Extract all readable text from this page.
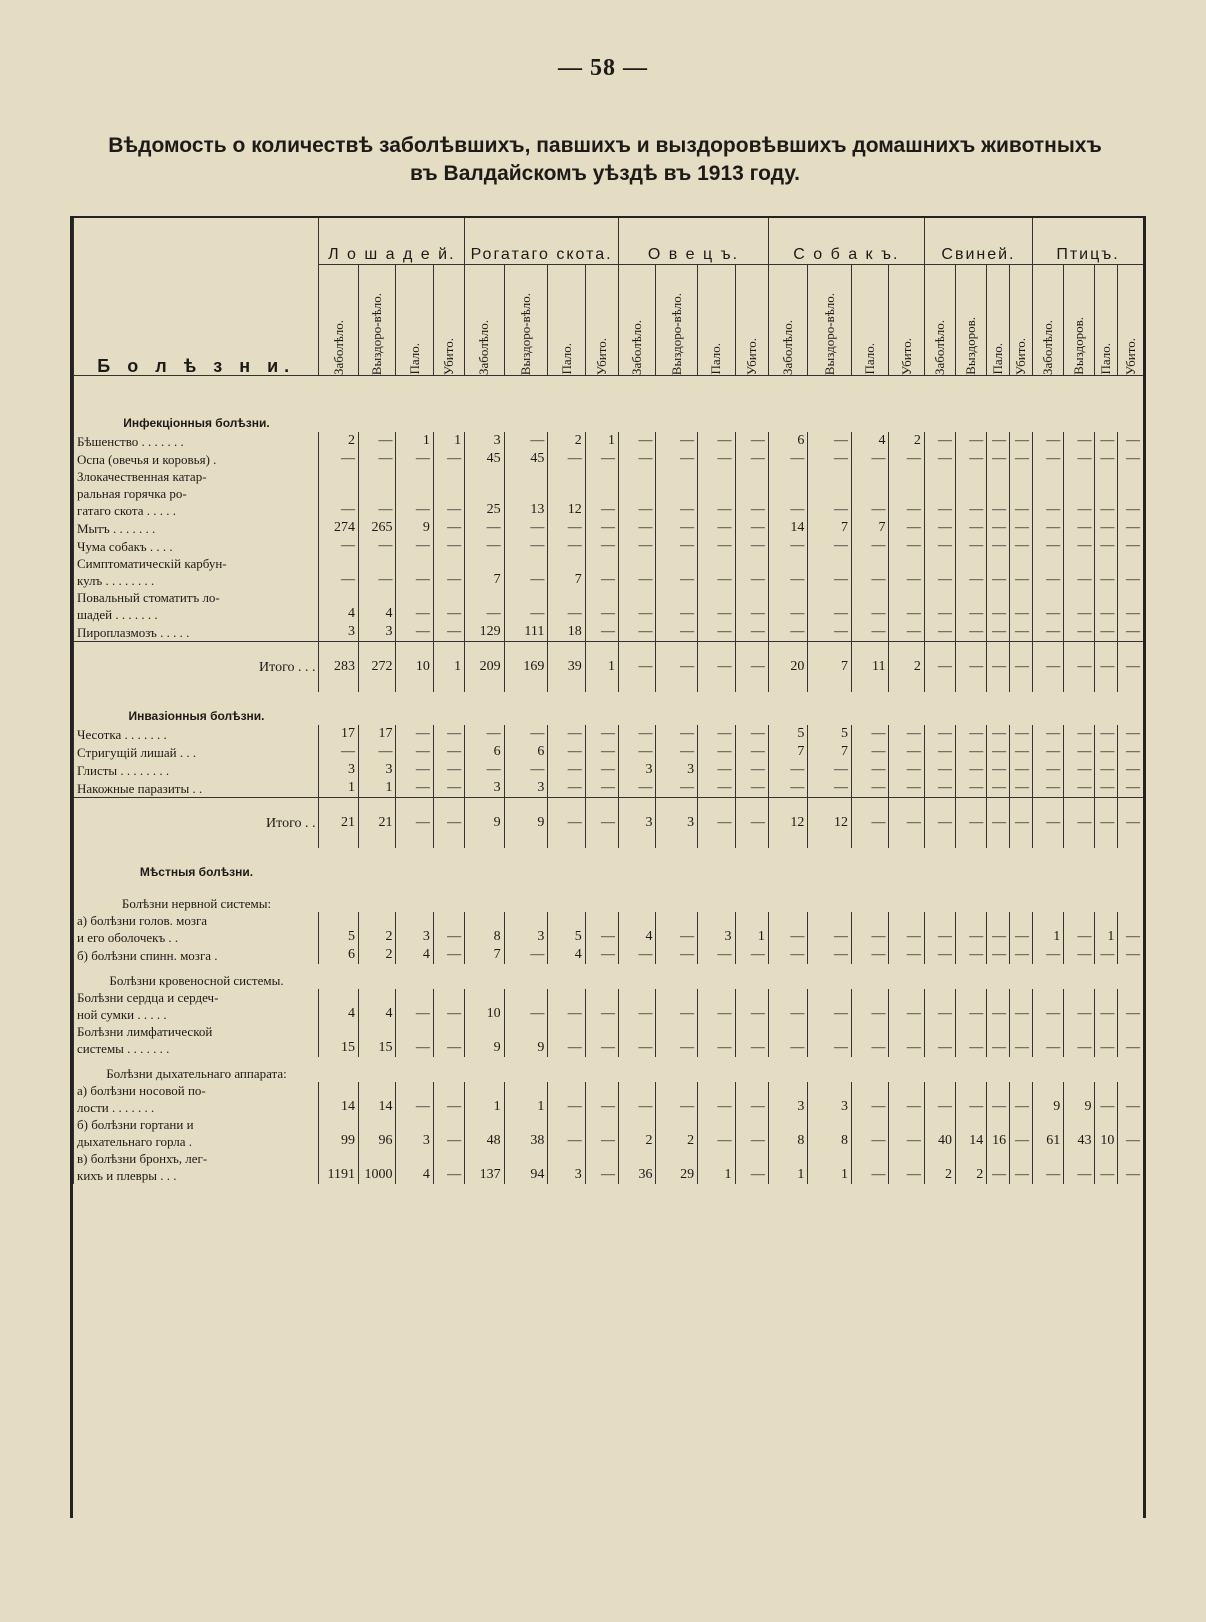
— 58 —
Вѣдомость о количествѣ заболѣвшихъ, павшихъ и выздоровѣвшихъ домашнихъ животныхъ
въ Валдайскомъ уѣздѣ въ 1913 году.
Б о л ѣ з н и.	Л о ш а д е й.				Рогатаго скота.				О в е ц ъ.				С о б а к ъ.				Свиней.				Птицъ.			

	Заболѣло.	Выздоро-вѣло.	Пало.	Убито.	Заболѣло.	Выздоро-вѣло.	Пало.	Убито.	Заболѣло.	Выздоро-вѣло.	Пало.	Убито.	Заболѣло.	Выздоро-вѣло.	Пало.	Убито.	Заболѣло.	Выздоров.	Пало.	Убито.	Заболѣло.	Выздоров.	Пало.	Убито.

Инфекцiонныя болѣзни.																								
Бѣшенство . . . . . . .	2	—	1	1	3	—	2	1	—	—	—	—	6	—	4	2	—	—	—	—	—	—	—	—
Оспа (овечья и коровья) .	—	—	—	—	45	45	—	—	—	—	—	—	—	—	—	—	—	—	—	—	—	—	—	—
Злокачественная катар-
ральная горячка ро-
гатаго скота . . . . .	—	—	—	—	25	13	12	—	—	—	—	—	—	—	—	—	—	—	—	—	—	—	—	—
Мытъ . . . . . . .	274	265	9	—	—	—	—	—	—	—	—	—	14	7	7	—	—	—	—	—	—	—	—	—
Чума собакъ . . . .	—	—	—	—	—	—	—	—	—	—	—	—	—	—	—	—	—	—	—	—	—	—	—	—
Симптоматическiй карбун-
кулъ . . . . . . . .	—	—	—	—	7	—	7	—	—	—	—	—	—	—	—	—	—	—	—	—	—	—	—	—
Повальный стоматитъ ло-
шадей . . . . . . .	4	4	—	—	—	—	—	—	—	—	—	—	—	—	—	—	—	—	—	—	—	—	—	—
Пироплазмозъ . . . . .	3	3	—	—	129	111	18	—	—	—	—	—	—	—	—	—	—	—	—	—	—	—	—	—
Итого . . .	283	272	10	1	209	169	39	1	—	—	—	—	20	7	11	2	—	—	—	—	—	—	—	—
Инвазiонныя болѣзни.																								
Чесотка . . . . . . .	17	17	—	—	—	—	—	—	—	—	—	—	5	5	—	—	—	—	—	—	—	—	—	—
Стригущiй лишай . . .	—	—	—	—	6	6	—	—	—	—	—	—	7	7	—	—	—	—	—	—	—	—	—	—
Глисты . . . . . . . .	3	3	—	—	—	—	—	—	3	3	—	—	—	—	—	—	—	—	—	—	—	—	—	—
Накожные паразиты . .	1	1	—	—	3	3	—	—	—	—	—	—	—	—	—	—	—	—	—	—	—	—	—	—
Итого . .	21	21	—	—	9	9	—	—	3	3	—	—	12	12	—	—	—	—	—	—	—	—	—	—
Мѣстныя болѣзни.																								
Болѣзни нервной системы:																								
а) болѣзни голов. мозга
и его оболочекъ . .	5	2	3	—	8	3	5	—	4	—	3	1	—	—	—	—	—	—	—	—	1	—	1	—
б) болѣзни спинн. мозга .	6	2	4	—	7	—	4	—	—	—	—	—	—	—	—	—	—	—	—	—	—	—	—	—
Болѣзни кровеносной системы.																								
Болѣзни сердца и сердеч-
ной сумки . . . . .	4	4	—	—	10	—	—	—	—	—	—	—	—	—	—	—	—	—	—	—	—	—	—	—
Болѣзни лимфатической
системы . . . . . . .	15	15	—	—	9	9	—	—	—	—	—	—	—	—	—	—	—	—	—	—	—	—	—	—
Болѣзни дыхательнаго аппарата:																								
а) болѣзни носовой по-
лости . . . . . . .	14	14	—	—	1	1	—	—	—	—	—	—	3	3	—	—	—	—	—	—	9	9	—	—
б) болѣзни гортани и
дыхательнаго горла .	99	96	3	—	48	38	—	—	2	2	—	—	8	8	—	—	40	14	16	—	61	43	10	—
в) болѣзни бронхъ, лег-
кихъ и плевры . . .	1191	1000	4	—	137	94	3	—	36	29	1	—	1	1	—	—	2	2	—	—	—	—	—	—
